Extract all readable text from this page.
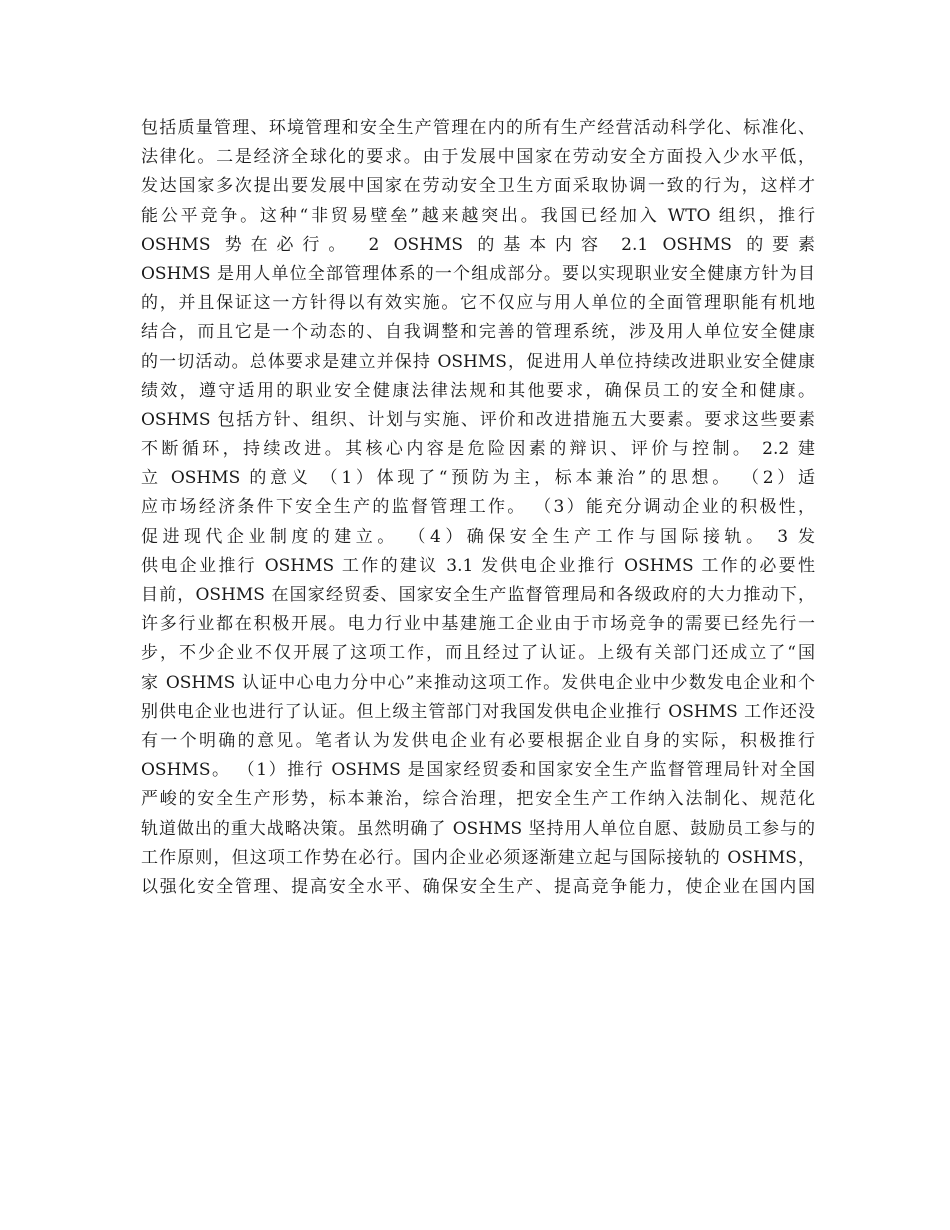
包括质量管理、环境管理和安全生产管理在内的所有生产经营活动科学化、标准化、
法律化。二是经济全球化的要求。由于发展中国家在劳动安全方面投入少水平低，
发达国家多次提出要发展中国家在劳动安全卫生方面采取协调一致的行为，这样才
能公平竞争。这种“非贸易壁垒”越来越突出。我国已经加入 WTO 组织，推行
OSHMS 势在必行。 2 OSHMS 的基本内容 2.1 OSHMS 的要素
OSHMS 是用人单位全部管理体系的一个组成部分。要以实现职业安全健康方针为目
的，并且保证这一方针得以有效实施。它不仅应与用人单位的全面管理职能有机地
结合，而且它是一个动态的、自我调整和完善的管理系统，涉及用人单位安全健康
的一切活动。总体要求是建立并保持 OSHMS，促进用人单位持续改进职业安全健康
绩效，遵守适用的职业安全健康法律法规和其他要求，确保员工的安全和健康。
OSHMS 包括方针、组织、计划与实施、评价和改进措施五大要素。要求这些要素
不断循环，持续改进。其核心内容是危险因素的辩识、评价与控制。 2.2 建
立 OSHMS 的意义 （1）体现了“预防为主，标本兼治”的思想。 （2）适
应市场经济条件下安全生产的监督管理工作。 （3）能充分调动企业的积极性，
促进现代企业制度的建立。 （4）确保安全生产工作与国际接轨。 3 发
供电企业推行 OSHMS 工作的建议 3.1 发供电企业推行 OSHMS 工作的必要性
目前，OSHMS 在国家经贸委、国家安全生产监督管理局和各级政府的大力推动下，
许多行业都在积极开展。电力行业中基建施工企业由于市场竞争的需要已经先行一
步，不少企业不仅开展了这项工作，而且经过了认证。上级有关部门还成立了“国
家 OSHMS 认证中心电力分中心”来推动这项工作。发供电企业中少数发电企业和个
别供电企业也进行了认证。但上级主管部门对我国发供电企业推行 OSHMS 工作还没
有一个明确的意见。笔者认为发供电企业有必要根据企业自身的实际，积极推行
OSHMS。 （1）推行 OSHMS 是国家经贸委和国家安全生产监督管理局针对全国
严峻的安全生产形势，标本兼治，综合治理，把安全生产工作纳入法制化、规范化
轨道做出的重大战略决策。虽然明确了 OSHMS 坚持用人单位自愿、鼓励员工参与的
工作原则，但这项工作势在必行。国内企业必须逐渐建立起与国际接轨的 OSHMS，
以强化安全管理、提高安全水平、确保安全生产、提高竞争能力，使企业在国内国
